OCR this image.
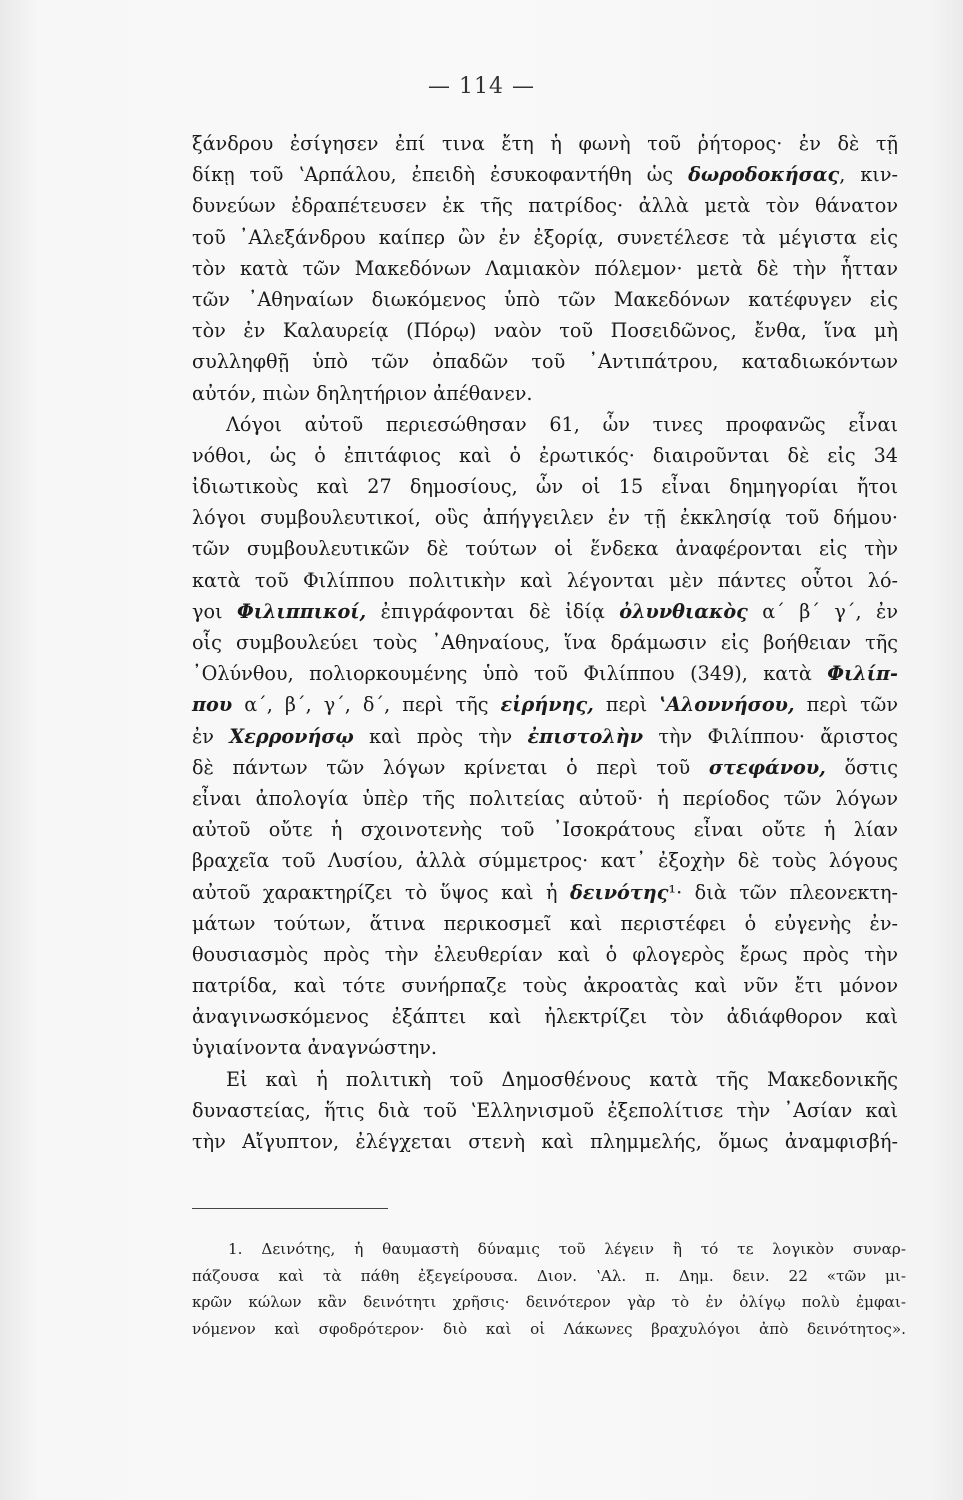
— 114 —
ξάνδρου ἐσίγησεν ἐπί τινα ἔτη ἡ φωνὴ τοῦ ῥήτορος· ἐν δὲ τῇ
δίκῃ τοῦ ʽΑρπάλου, ἐπειδὴ ἐσυκοφαντήθη ὡς δωροδοκήσας, κιν-
δυνεύων ἐδραπέτευσεν ἐκ τῆς πατρίδος· ἀλλὰ μετὰ τὸν θάνατον
τοῦ ᾽Αλεξάνδρου καίπερ ὢν ἐν ἐξορίᾳ, συνετέλεσε τὰ μέγιστα εἰς
τὸν κατὰ τῶν Μακεδόνων Λαμιακὸν πόλεμον· μετὰ δὲ τὴν ἧτταν
τῶν ᾽Αθηναίων διωκόμενος ὑπὸ τῶν Μακεδόνων κατέφυγεν εἰς
τὸν ἐν Καλαυρείᾳ (Πόρῳ) ναὸν τοῦ Ποσειδῶνος, ἔνθα, ἵνα μὴ
συλληφθῇ ὑπὸ τῶν ὀπαδῶν τοῦ ᾽Αντιπάτρου, καταδιωκόντων
αὐτόν, πιὼν δηλητήριον ἀπέθανεν.
Λόγοι αὐτοῦ περιεσώθησαν 61, ὧν τινες προφανῶς εἶναι
νόθοι, ὡς ὁ ἐπιτάφιος καὶ ὁ ἐρωτικός· διαιροῦνται δὲ εἰς 34
ἰδιωτικοὺς καὶ 27 δημοσίους, ὧν οἱ 15 εἶναι δημηγορίαι ἤτοι
λόγοι συμβουλευτικοί, οὓς ἀπήγγειλεν ἐν τῇ ἐκκλησίᾳ τοῦ δήμου·
τῶν συμβουλευτικῶν δὲ τούτων οἱ ἕνδεκα ἀναφέρονται εἰς τὴν
κατὰ τοῦ Φιλίππου πολιτικὴν καὶ λέγονται μὲν πάντες οὗτοι λό-
γοι Φιλιππικοί, ἐπιγράφονται δὲ ἰδίᾳ ὀλυνθιακὸς α΄ β΄ γ΄, ἐν
οἷς συμβουλεύει τοὺς ᾽Αθηναίους, ἵνα δράμωσιν εἰς βοήθειαν τῆς
᾽Ολύνθου, πολιορκουμένης ὑπὸ τοῦ Φιλίππου (349), κατὰ Φιλίπ-
που α΄, β΄, γ΄, δ΄, περὶ τῆς εἰρήνης, περὶ ʽΑλοννήσου, περὶ τῶν
ἐν Χερρονήσῳ καὶ πρὸς τὴν ἐπιστολὴν τὴν Φιλίππου· ἄριστος
δὲ πάντων τῶν λόγων κρίνεται ὁ περὶ τοῦ στεφάνου, ὅστις
εἶναι ἀπολογία ὑπὲρ τῆς πολιτείας αὐτοῦ· ἡ περίοδος τῶν λόγων
αὐτοῦ οὔτε ἡ σχοινοτενὴς τοῦ ᾽Ισοκράτους εἶναι οὔτε ἡ λίαν
βραχεῖα τοῦ Λυσίου, ἀλλὰ σύμμετρος· κατ᾽ ἐξοχὴν δὲ τοὺς λόγους
αὐτοῦ χαρακτηρίζει τὸ ὕψος καὶ ἡ δεινότης¹· διὰ τῶν πλεονεκτη-
μάτων τούτων, ἅτινα περικοσμεῖ καὶ περιστέφει ὁ εὐγενὴς ἐν-
θουσιασμὸς πρὸς τὴν ἐλευθερίαν καὶ ὁ φλογερὸς ἔρως πρὸς τὴν
πατρίδα, καὶ τότε συνήρπαζε τοὺς ἀκροατὰς καὶ νῦν ἔτι μόνον
ἀναγινωσκόμενος ἐξάπτει καὶ ἠλεκτρίζει τὸν ἀδιάφθορον καὶ
ὑγιαίνοντα ἀναγνώστην.
Εἰ καὶ ἡ πολιτικὴ τοῦ Δημοσθένους κατὰ τῆς Μακεδονικῆς
δυναστείας, ἥτις διὰ τοῦ ʽΕλληνισμοῦ ἐξεπολίτισε τὴν ᾽Ασίαν καὶ
τὴν Αἴγυπτον, ἐλέγχεται στενὴ καὶ πλημμελής, ὅμως ἀναμφισβή-
1. Δεινότης, ἡ θαυμαστὴ δύναμις τοῦ λέγειν ἢ τό τε λογικὸν συναρ-
πάζουσα καὶ τὰ πάθη ἐξεγείρουσα. Διον. ʽΑλ. π. Δημ. δειν. 22 «τῶν μι-
κρῶν κώλων κἂν δεινότητι χρῆσις· δεινότερον γὰρ τὸ ἐν ὀλίγῳ πολὺ ἐμφαι-
νόμενον καὶ σφοδρότερον· διὸ καὶ οἱ Λάκωνες βραχυλόγοι ἀπὸ δεινότητος».
